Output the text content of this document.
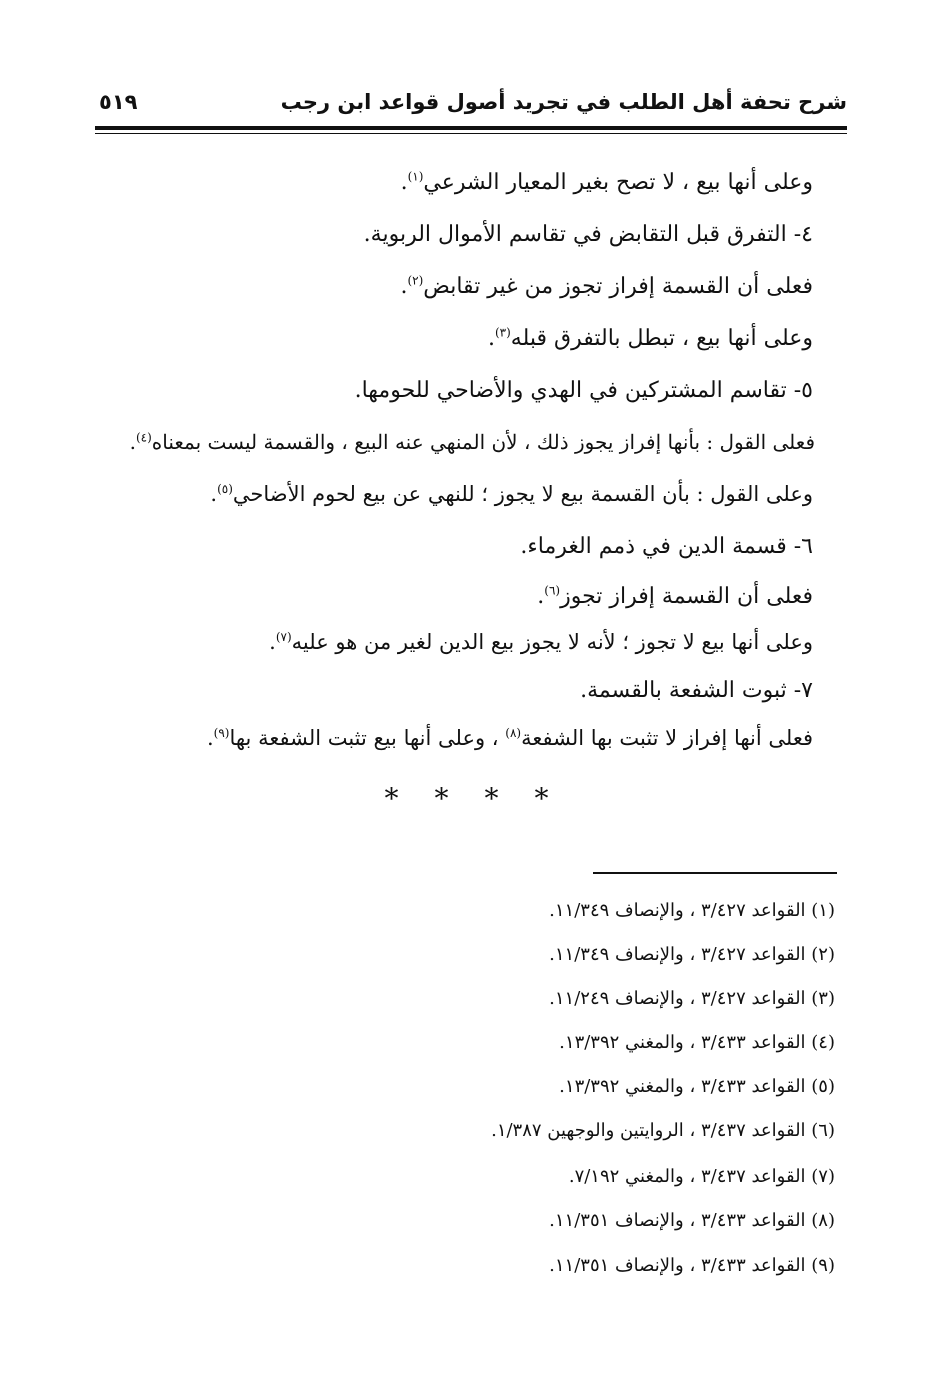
شرح تحفة أهل الطلب في تجريد أصول قواعد ابن رجب
٥١٩
وعلى أنها بيع ، لا تصح بغير المعيار الشرعي$^{(١)}$.
٤- التفرق قبل التقابض في تقاسم الأموال الربوية.
فعلى أن القسمة إفراز تجوز من غير تقابض$^{(٢)}$.
وعلى أنها بيع ، تبطل بالتفرق قبله$^{(٣)}$.
٥- تقاسم المشتركين في الهدي والأضاحي للحومها.
فعلى القول : بأنها إفراز يجوز ذلك ، لأن المنهي عنه البيع ، والقسمة ليست بمعناه$^{(٤)}$.
وعلى القول : بأن القسمة بيع لا يجوز ؛ للنهي عن بيع لحوم الأضاحي$^{(٥)}$.
٦- قسمة الدين في ذمم الغرماء.
فعلى أن القسمة إفراز تجوز$^{(٦)}$.
وعلى أنها بيع لا تجوز ؛ لأنه لا يجوز بيع الدين لغير من هو عليه$^{(٧)}$.
٧- ثبوت الشفعة بالقسمة.
فعلى أنها إفراز لا تثبت بها الشفعة$^{(٨)}$ ، وعلى أنها بيع تثبت الشفعة بها$^{(٩)}$.
* * * *
(١) القواعد ٣/٤٢٧ ، والإنصاف ١١/٣٤٩.
(٢) القواعد ٣/٤٢٧ ، والإنصاف ١١/٣٤٩.
(٣) القواعد ٣/٤٢٧ ، والإنصاف ١١/٢٤٩.
(٤) القواعد ٣/٤٣٣ ، والمغني ١٣/٣٩٢.
(٥) القواعد ٣/٤٣٣ ، والمغني ١٣/٣٩٢.
(٦) القواعد ٣/٤٣٧ ، الروايتين والوجهين ١/٣٨٧.
(٧) القواعد ٣/٤٣٧ ، والمغني ٧/١٩٢.
(٨) القواعد ٣/٤٣٣ ، والإنصاف ١١/٣٥١.
(٩) القواعد ٣/٤٣٣ ، والإنصاف ١١/٣٥١.
